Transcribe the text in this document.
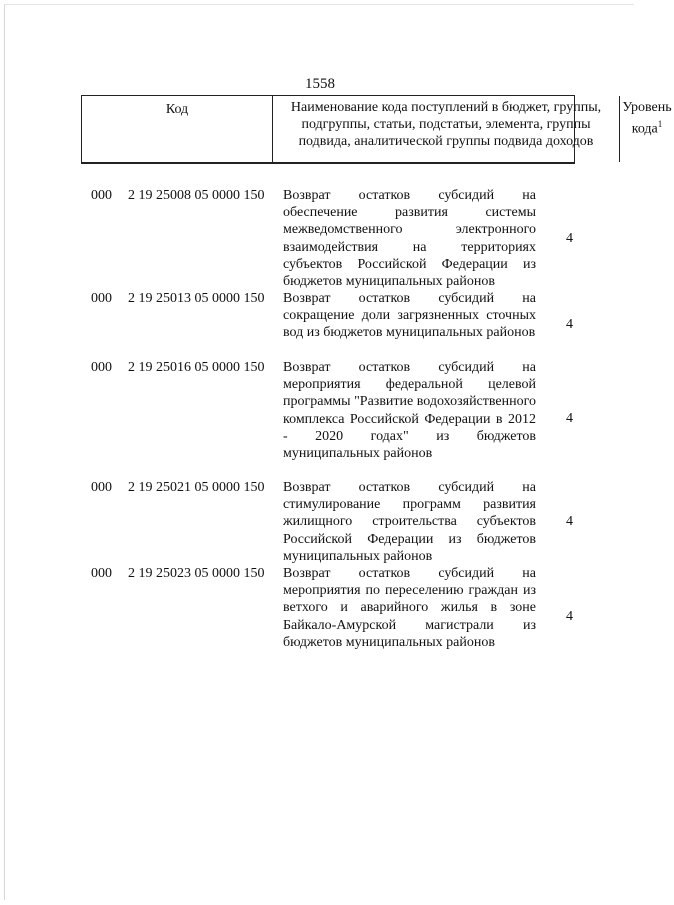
1558
Код	Наименование кода поступлений в бюджет, группы, подгруппы, статьи, подстатьи, элемента, группы подвида, аналитической группы подвида доходов
Уровень кода$^1$
000 2 19 25008 05 0000 150 Возврат остатков субсидий на обеспечение развития системы межведомственного электронного взаимодействия на территориях субъектов Российской Федерации из бюджетов муниципальных районов
4
000 2 19 25013 05 0000 150 Возврат остатков субсидий на сокращение доли загрязненных сточных вод из бюджетов муниципальных районов
4
000 2 19 25016 05 0000 150 Возврат остатков субсидий на мероприятия федеральной целевой программы "Развитие водохозяйственного комплекса Российской Федерации в 2012 - 2020 годах" из бюджетов муниципальных районов
4
000 2 19 25021 05 0000 150 Возврат остатков субсидий на стимулирование программ развития жилищного строительства субъектов Российской Федерации из бюджетов муниципальных районов
4
000 2 19 25023 05 0000 150 Возврат остатков субсидий на мероприятия по переселению граждан из ветхого и аварийного жилья в зоне Байкало-Амурской магистрали из бюджетов муниципальных районов
4
